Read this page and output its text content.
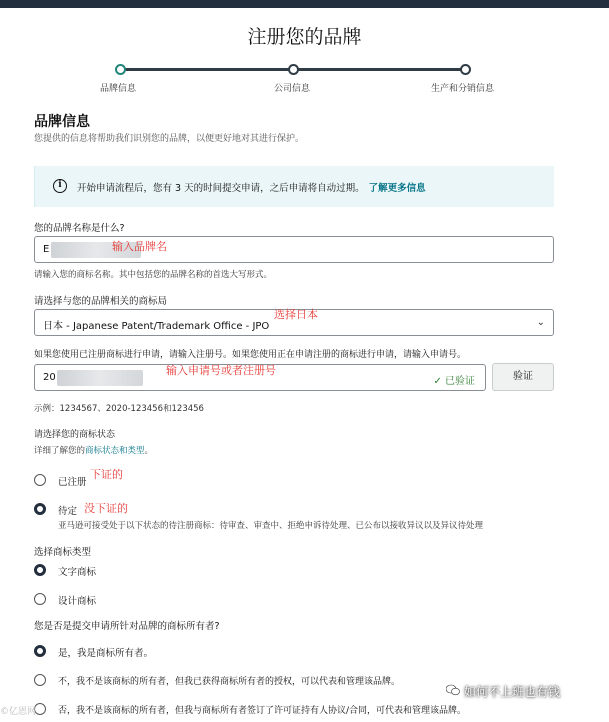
注册您的品牌
品牌信息	公司信息	生产和分销信息
品牌信息
您提供的信息将帮助我们识别您的品牌，以便更好地对其进行保护。
i	开始申请流程后，您有 3 天的时间提交申请，之后申请将自动过期。 了解更多信息
您的品牌名称是什么?
E	输入品牌名
请输入您的商标名称。其中包括您的品牌名称的首选大写形式。
请选择与您的品牌相关的商标局
日本 - Japanese Patent/Trademark Office - JPO	⌄
选择日本
如果您使用已注册商标进行申请，请输入注册号。如果您使用正在申请注册的商标进行申请，请输入申请号。
20	✓ 已验证
输入申请号或者注册号	验证
示例：1234567、2020-123456和123456
请选择您的商标状态
详细了解您的商标状态和类型。
已注册
下证的
待定 没下证的
亚马逊可接受处于以下状态的待注册商标：待审查、审查中、拒绝申诉待处理、已公布以接收异议以及异议待处理
选择商标类型
文字商标
设计商标
您是否是提交申请所针对品牌的商标所有者?
是，我是商标所有者。
不，我不是该商标的所有者，但我已获得商标所有者的授权，可以代表和管理该品牌。
否，我不是该商标的所有者，但我与商标所有者签订了许可证持有人协议/合同，可代表和管理该品牌。
©亿恩网
如何不上班也有钱
